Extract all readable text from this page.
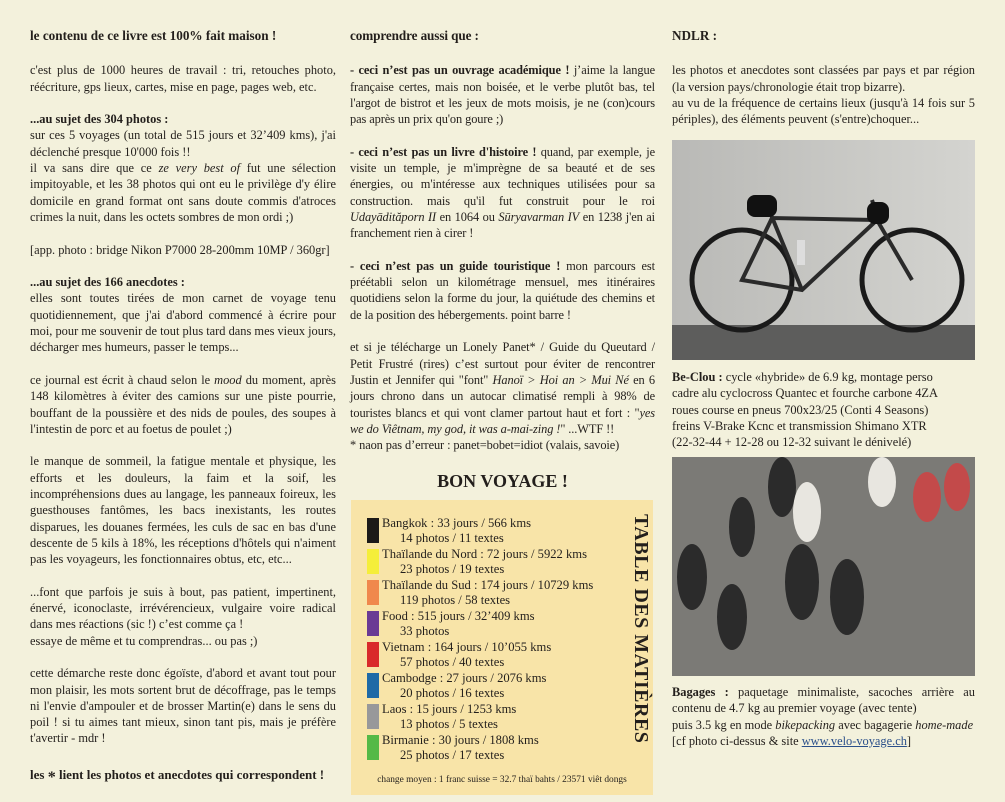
le contenu de ce livre est 100% fait maison !

c'est plus de 1000 heures de travail : tri, retouches photo, réécriture, gps lieux, cartes, mise en page, pages web, etc.

...au sujet des 304 photos :
sur ces 5 voyages (un total de 515 jours et 32’409 kms), j'ai déclenché presque 10'000 fois !!
il va sans dire que ce ze very best of fut une sélection impitoyable, et les 38 photos qui ont eu le privilège d'y élire domicile en grand format ont sans doute commis d'atroces crimes la nuit, dans les octets sombres de mon ordi ;)

[app. photo : bridge Nikon P7000 28-200mm 10MP / 360gr]

...au sujet des 166 anecdotes :
elles sont toutes tirées de mon carnet de voyage tenu quotidiennement, que j'ai d'abord commencé à écrire pour moi, pour me souvenir de tout plus tard dans mes vieux jours, décharger mes humeurs, passer le temps...

ce journal est écrit à chaud selon le mood du moment, après 148 kilomètres à éviter des camions sur une piste pourrie, bouffant de la poussière et des nids de poules, des soupes à l'intestin de porc et au foetus de poulet ;)

le manque de sommeil, la fatigue mentale et physique, les efforts et les douleurs, la faim et la soif, les incompréhensions dues au langage, les panneaux foireux, les guesthouses fantômes, les bacs inexistants, les routes disparues, les douanes fermées, les culs de sac en bas d'une descente de 5 kils à 18%, les réceptions d'hôtels qui n'aiment pas les voyageurs, les fonctionnaires obtus, etc, etc...

...font que parfois je suis à bout, pas patient, impertinent, énervé, iconoclaste, irrévérencieux, vulgaire voire radical dans mes réactions (sic !) c’est comme ça !
essaye de même et tu comprendras... ou pas ;)

cette démarche reste donc égoïste, d'abord et avant tout pour mon plaisir, les mots sortent brut de décoffrage, pas le temps ni l'envie d'ampouler et de brosser Martin(e) dans le sens du poil ! si tu aimes tant mieux, sinon tant pis, mais je préfère t'avertir - mdr !

les * lient les photos et anecdotes qui correspondent !

comprendre aussi que :

- ceci n’est pas un ouvrage académique ! j’aime la langue française certes, mais non boisée, et le verbe plutôt bas, tel l'argot de bistrot et les jeux de mots moisis, je ne (con)cours pas après un prix qu'on goure ;)

- ceci n’est pas un livre d'histoire ! quand, par exemple, je visite un temple, je m'imprègne de sa beauté et de ses énergies, ou m'intéresse aux techniques utilisées pour sa construction. mais qu'il fut construit pour le roi Udayādităporn II en 1064 ou Sūryavarman IV en 1238 j'en ai franchement rien à cirer !

- ceci n’est pas un guide touristique ! mon parcours est préétabli selon un kilométrage mensuel, mes itinéraires quotidiens selon la forme du jour, la quiétude des chemins et de la position des hébergements. point barre !

et si je télécharge un Lonely Panet* / Guide du Queutard / Petit Frustré (rires) c’est surtout pour éviter de rencontrer Justin et Jennifer qui "font" Hanoï > Hoi an > Mui Né en 6 jours chrono dans un autocar climatisé rempli à 98% de touristes blancs et qui vont clamer partout haut et fort : "yes we do Viêtnam, my god, it was a-mai-zing !" ...WTF !!
* naon pas d’erreur : panet=bobet=idiot (valais, savoie)

BON VOYAGE !
Bangkok : 33 jours / 566 kms
14 photos / 11 textes
Thaïlande du Nord : 72 jours / 5922 kms
23 photos / 19 textes
Thaïlande du Sud : 174 jours / 10729 kms
119 photos / 58 textes
Food : 515 jours / 32’409 kms
33 photos
Vietnam : 164 jours / 10’055 kms
57 photos / 40 textes
Cambodge : 27 jours / 2076 kms
20 photos / 16 textes
Laos : 15 jours / 1253 kms
13 photos / 5 textes
Birmanie : 30 jours / 1808 kms
25 photos / 17 textes
TABLE DES MATIÈRES
change moyen : 1 franc suisse = 32.7 thaï bahts / 23571 viêt dongs

NDLR :

les photos et anecdotes sont classées par pays et par région (la version pays/chronologie était trop bizarre).
au vu de la fréquence de certains lieux (jusqu'à 14 fois sur 5 périples), des éléments peuvent (s'entre)choquer...

Be-Clou : cycle «hybride» de 6.9 kg, montage perso
cadre alu cyclocross Quantec et fourche carbone 4ZA
roues course en pneus 700x23/25 (Conti 4 Seasons)
freins V-Brake Kcnc et transmission Shimano XTR
(22-32-44 + 12-28 ou 12-32 suivant le dénivelé)
Bagages : paquetage minimaliste, sacoches arrière au contenu de 4.7 kg au premier voyage (avec tente)
puis 3.5 kg en mode bikepacking avec bagagerie home-made
[cf photo ci-dessus & site www.velo-voyage.ch]
